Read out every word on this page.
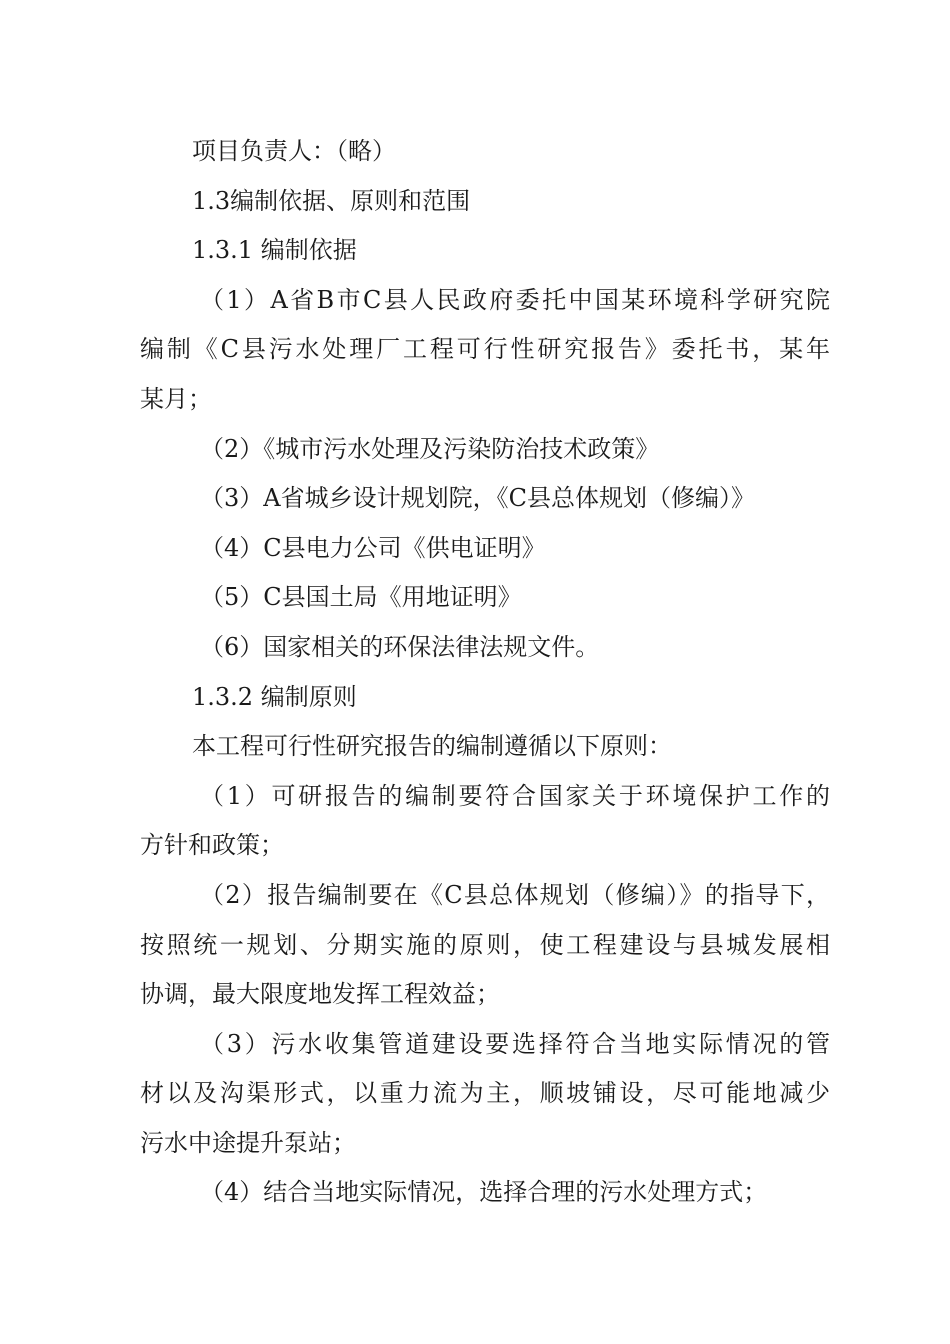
项目负责人：（略）
1.3编制依据、原则和范围
1.3.1 编制依据
（1）A省B市C县人民政府委托中国某环境科学研究院
编制《C县污水处理厂工程可行性研究报告》委托书，某年
某月；
（2）《城市污水处理及污染防治技术政策》
（3）A省城乡设计规划院，《C县总体规划（修编）》
（4）C县电力公司《供电证明》
（5）C县国土局《用地证明》
（6）国家相关的环保法律法规文件。
1.3.2 编制原则
本工程可行性研究报告的编制遵循以下原则：
（1）可研报告的编制要符合国家关于环境保护工作的
方针和政策；
（2）报告编制要在《C县总体规划（修编）》的指导下，
按照统一规划、分期实施的原则，使工程建设与县城发展相
协调，最大限度地发挥工程效益；
（3）污水收集管道建设要选择符合当地实际情况的管
材以及沟渠形式，以重力流为主，顺坡铺设，尽可能地减少
污水中途提升泵站；
（4）结合当地实际情况，选择合理的污水处理方式；
